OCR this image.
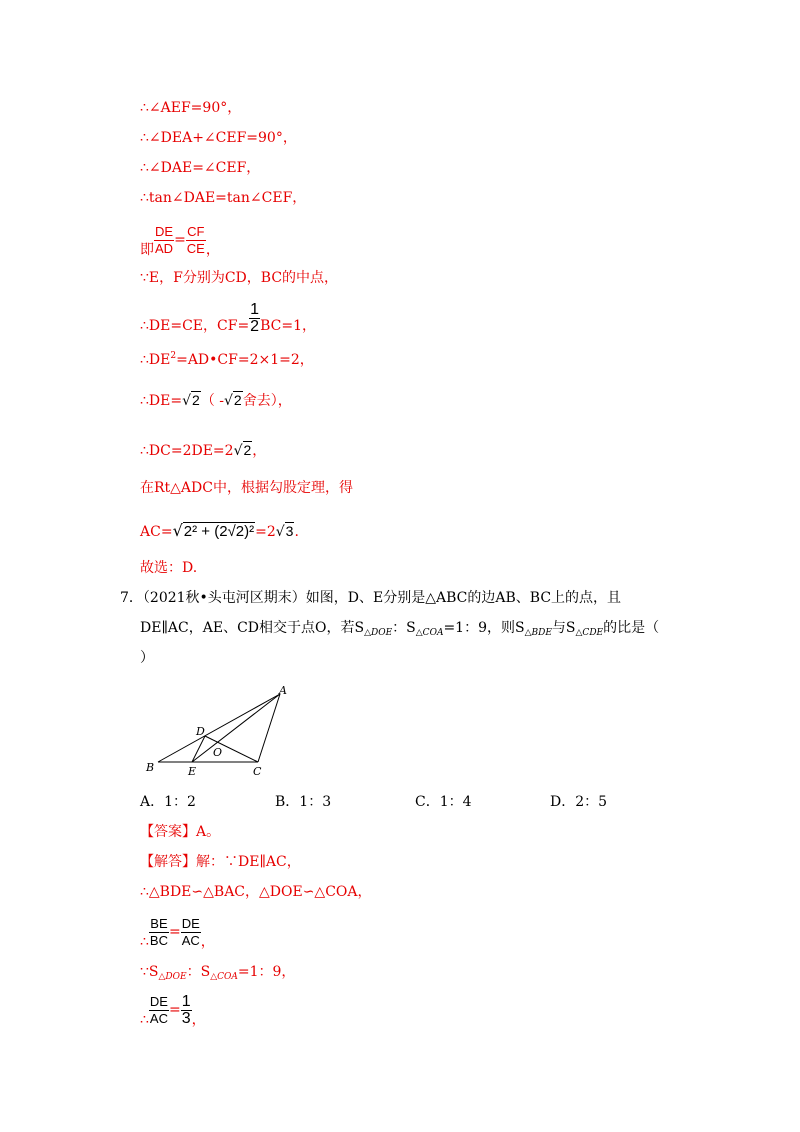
∴∠AEF=90°，
∴∠DEA+∠CEF=90°，
∴∠DAE=∠CEF，
∴tan∠DAE=tan∠CEF，
即 $\frac{DE}{AD} = \frac{CF}{CE}$ ，
∵E，F分别为CD，BC的中点，
∴DE=CE，$CF= \frac{1}{2} BC=1$，
$\therefore DE^2=AD•CF=2\times 1=2$，
∴DE=√2（ -√2舍去），
∴DC=2DE=2√2，
在Rt△ADC中，根据勾股定理，得
AC=√2² + (2√2)²=2√3.
故选：D.
7．（2021秋•头屯河区期末）如图，D、E分别是△ABC的边AB、BC上的点，且
DE∥AC，AE、CD相交于点O，若$S_{\triangle DOE}$：$S_{\triangle COA}=1$：9，则$S_{\triangle BDE}$与$S_{\triangle CDE}$的比是（
）
A
B	C
D
E
O
A．1：2	B．1：3	C．1：4	D．2：5
【答案】A。
【解答】解：∵DE∥AC，
∴△BDE∽△BAC，△DOE∽△COA，
∴ $\frac{BE}{BC} = \frac{DE}{AC}$ ，
$\because S_{\triangle DOE}$：$S_{\triangle COA}=1$：9，
∴ $\frac{DE}{AC} = \frac{1}{3}$ ，
